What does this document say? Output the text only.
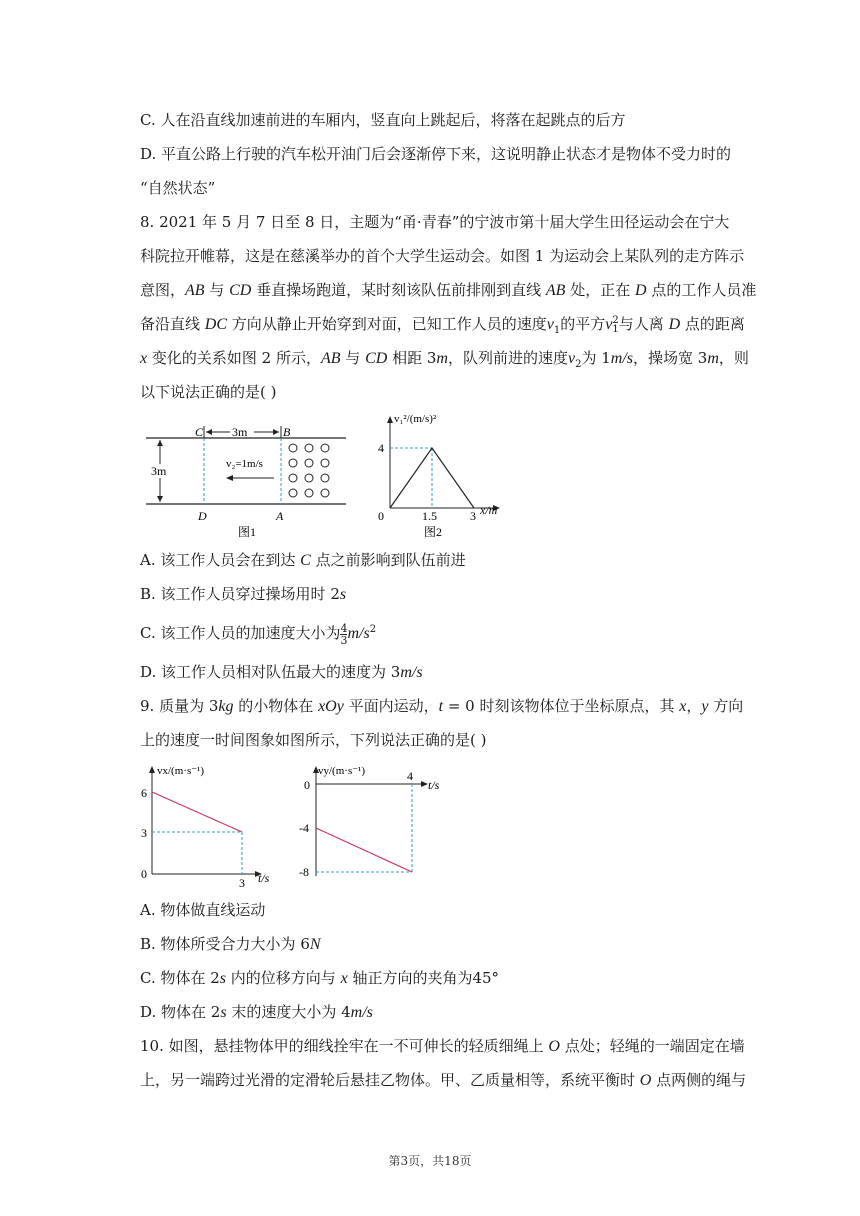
C. 人在沿直线加速前进的车厢内，竖直向上跳起后，将落在起跳点的后方
D. 平直公路上行驶的汽车松开油门后会逐渐停下来，这说明静止状态才是物体不受力时的
“自然状态”
8. 2021 年 5 月 7 日至 8 日，主题为“甬·青春”的宁波市第十届大学生田径运动会在宁大
科院拉开帷幕，这是在慈溪举办的首个大学生运动会。如图 1 为运动会上某队列的走方阵示
意图，AB 与 CD 垂直操场跑道，某时刻该队伍前排刚到直线 AB 处，正在 D 点的工作人员准
备沿直线 DC 方向从静止开始穿到对面，已知工作人员的速度$v_1$的平方v 2
1 与人离 D 点的距离
x 变化的关系如图 2 所示，AB 与 CD 相距 3m，队列前进的速度$v_2$为 1m/s，操场宽 3m，则
以下说法正确的是( )
3m
C	B
3m	v₂=1m/s
D	A
图1
v₁²/(m/s)²
4
0	1.5	3 x/m
图2
A. 该工作人员会在到达 C 点之前影响到队伍前进
B. 该工作人员穿过操场用时 2s
C. 该工作人员的加速度大小为 $\frac{4}{3} m/s^2$
D. 该工作人员相对队伍最大的速度为 3m/s
9. 质量为 3kg 的小物体在 xOy 平面内运动，t = 0 时刻该物体位于坐标原点，其 x，y 方向
上的速度一时间图象如图所示，下列说法正确的是( )
vx/(m·s⁻¹)
6
3
0
3 t/s
vy/(m·s⁻¹)
0
4
t/s
-4
-8
A. 物体做直线运动
B. 物体所受合力大小为 6N
C. 物体在 2s 内的位移方向与 x 轴正方向的夹角为45°
D. 物体在 2s 末的速度大小为 4m/s
10. 如图，悬挂物体甲的细线拴牢在一不可伸长的轻质细绳上 O 点处；轻绳的一端固定在墙
上，另一端跨过光滑的定滑轮后悬挂乙物体。甲、乙质量相等，系统平衡时 O 点两侧的绳与
第3页，共18页
